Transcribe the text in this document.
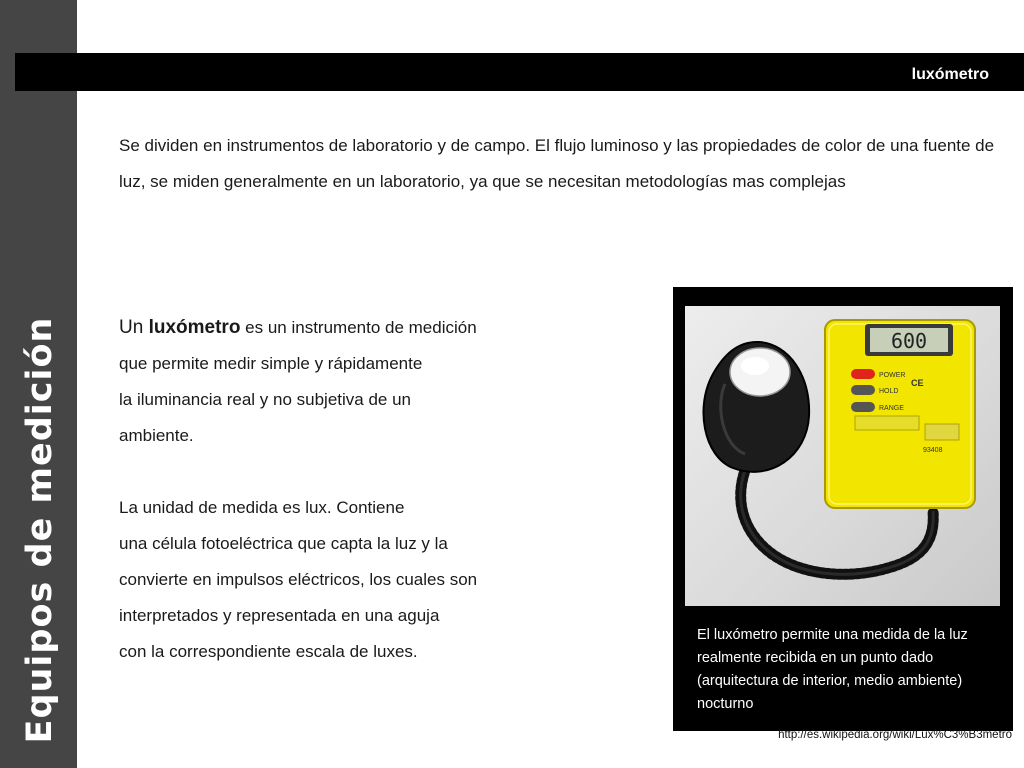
Equipos de medición
luxómetro

Se dividen en instrumentos de laboratorio y de campo. El flujo luminoso y las propiedades de color de una fuente de luz, se miden generalmente en un laboratorio, ya que se necesitan metodologías mas complejas

Un luxómetro es un instrumento de medición
que permite medir simple y rápidamente
la iluminancia real y no subjetiva de un
ambiente.
La unidad de medida es lux. Contiene
una célula fotoeléctrica que capta la luz y la
convierte en impulsos eléctricos, los cuales son
interpretados y representada en una aguja
con la correspondiente escala de luxes.
600
POWER
HOLD
RANGE
CE
93408

El luxómetro permite una medida de la luz realmente recibida en un punto dado (arquitectura de interior, medio ambiente) nocturno

http://es.wikipedia.org/wiki/Lux%C3%B3metro
